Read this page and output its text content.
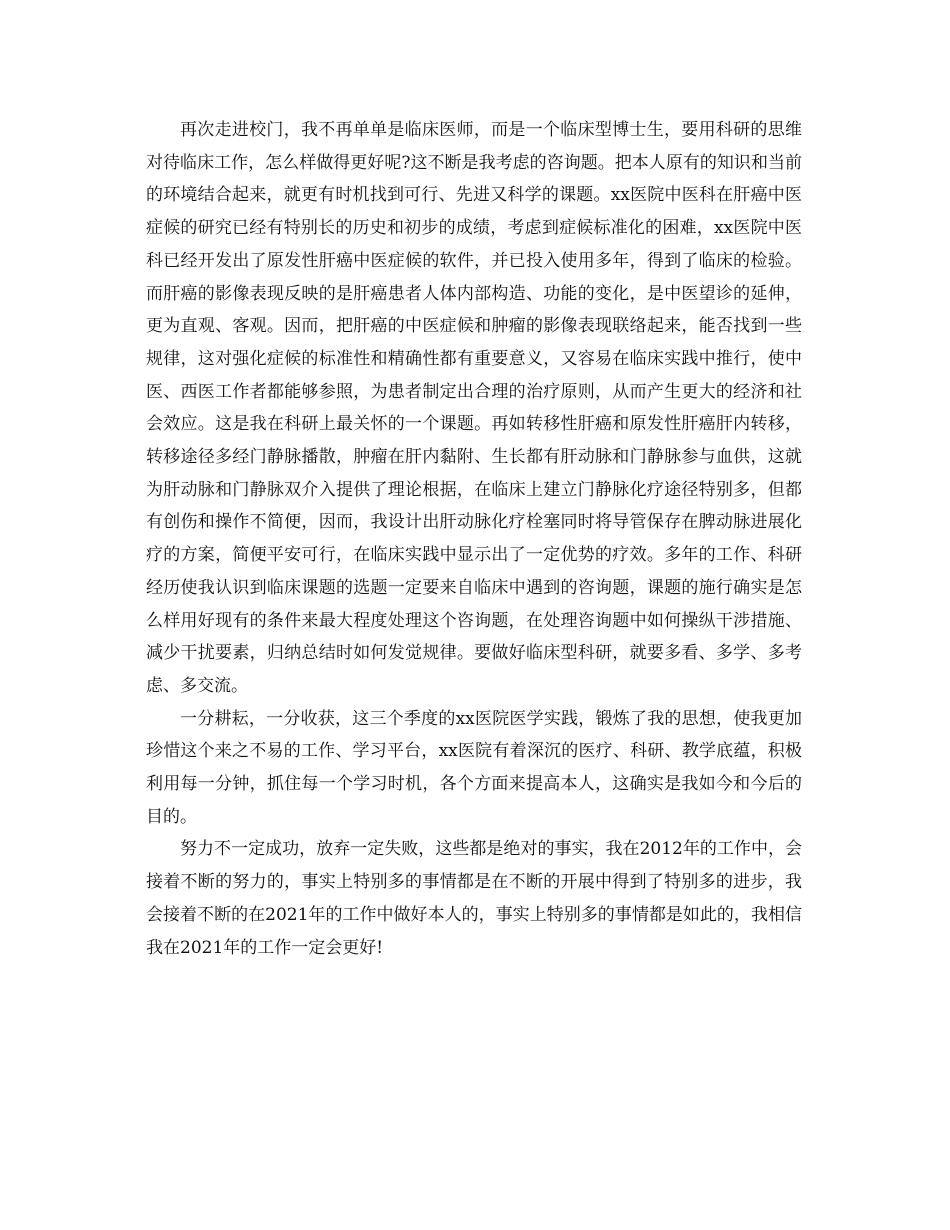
再次走进校门，我不再单单是临床医师，而是一个临床型博士生，要用科研的思维对待临床工作，怎么样做得更好呢?这不断是我考虑的咨询题。把本人原有的知识和当前的环境结合起来，就更有时机找到可行、先进又科学的课题。xx医院中医科在肝癌中医症候的研究已经有特别长的历史和初步的成绩，考虑到症候标准化的困难，xx医院中医科已经开发出了原发性肝癌中医症候的软件，并已投入使用多年，得到了临床的检验。而肝癌的影像表现反映的是肝癌患者人体内部构造、功能的变化，是中医望诊的延伸，更为直观、客观。因而，把肝癌的中医症候和肿瘤的影像表现联络起来，能否找到一些规律，这对强化症候的标准性和精确性都有重要意义，又容易在临床实践中推行，使中医、西医工作者都能够参照，为患者制定出合理的治疗原则，从而产生更大的经济和社会效应。这是我在科研上最关怀的一个课题。再如转移性肝癌和原发性肝癌肝内转移，转移途径多经门静脉播散，肿瘤在肝内黏附、生长都有肝动脉和门静脉参与血供，这就为肝动脉和门静脉双介入提供了理论根据，在临床上建立门静脉化疗途径特别多，但都有创伤和操作不简便，因而，我设计出肝动脉化疗栓塞同时将导管保存在脾动脉进展化疗的方案，简便平安可行，在临床实践中显示出了一定优势的疗效。多年的工作、科研经历使我认识到临床课题的选题一定要来自临床中遇到的咨询题，课题的施行确实是怎么样用好现有的条件来最大程度处理这个咨询题，在处理咨询题中如何操纵干涉措施、减少干扰要素，归纳总结时如何发觉规律。要做好临床型科研，就要多看、多学、多考虑、多交流。

一分耕耘，一分收获，这三个季度的xx医院医学实践，锻炼了我的思想，使我更加珍惜这个来之不易的工作、学习平台，xx医院有着深沉的医疗、科研、教学底蕴，积极利用每一分钟，抓住每一个学习时机，各个方面来提高本人，这确实是我如今和今后的目的。

努力不一定成功，放弃一定失败，这些都是绝对的事实，我在2012年的工作中，会接着不断的努力的，事实上特别多的事情都是在不断的开展中得到了特别多的进步，我会接着不断的在2021年的工作中做好本人的，事实上特别多的事情都是如此的，我相信我在2021年的工作一定会更好!
